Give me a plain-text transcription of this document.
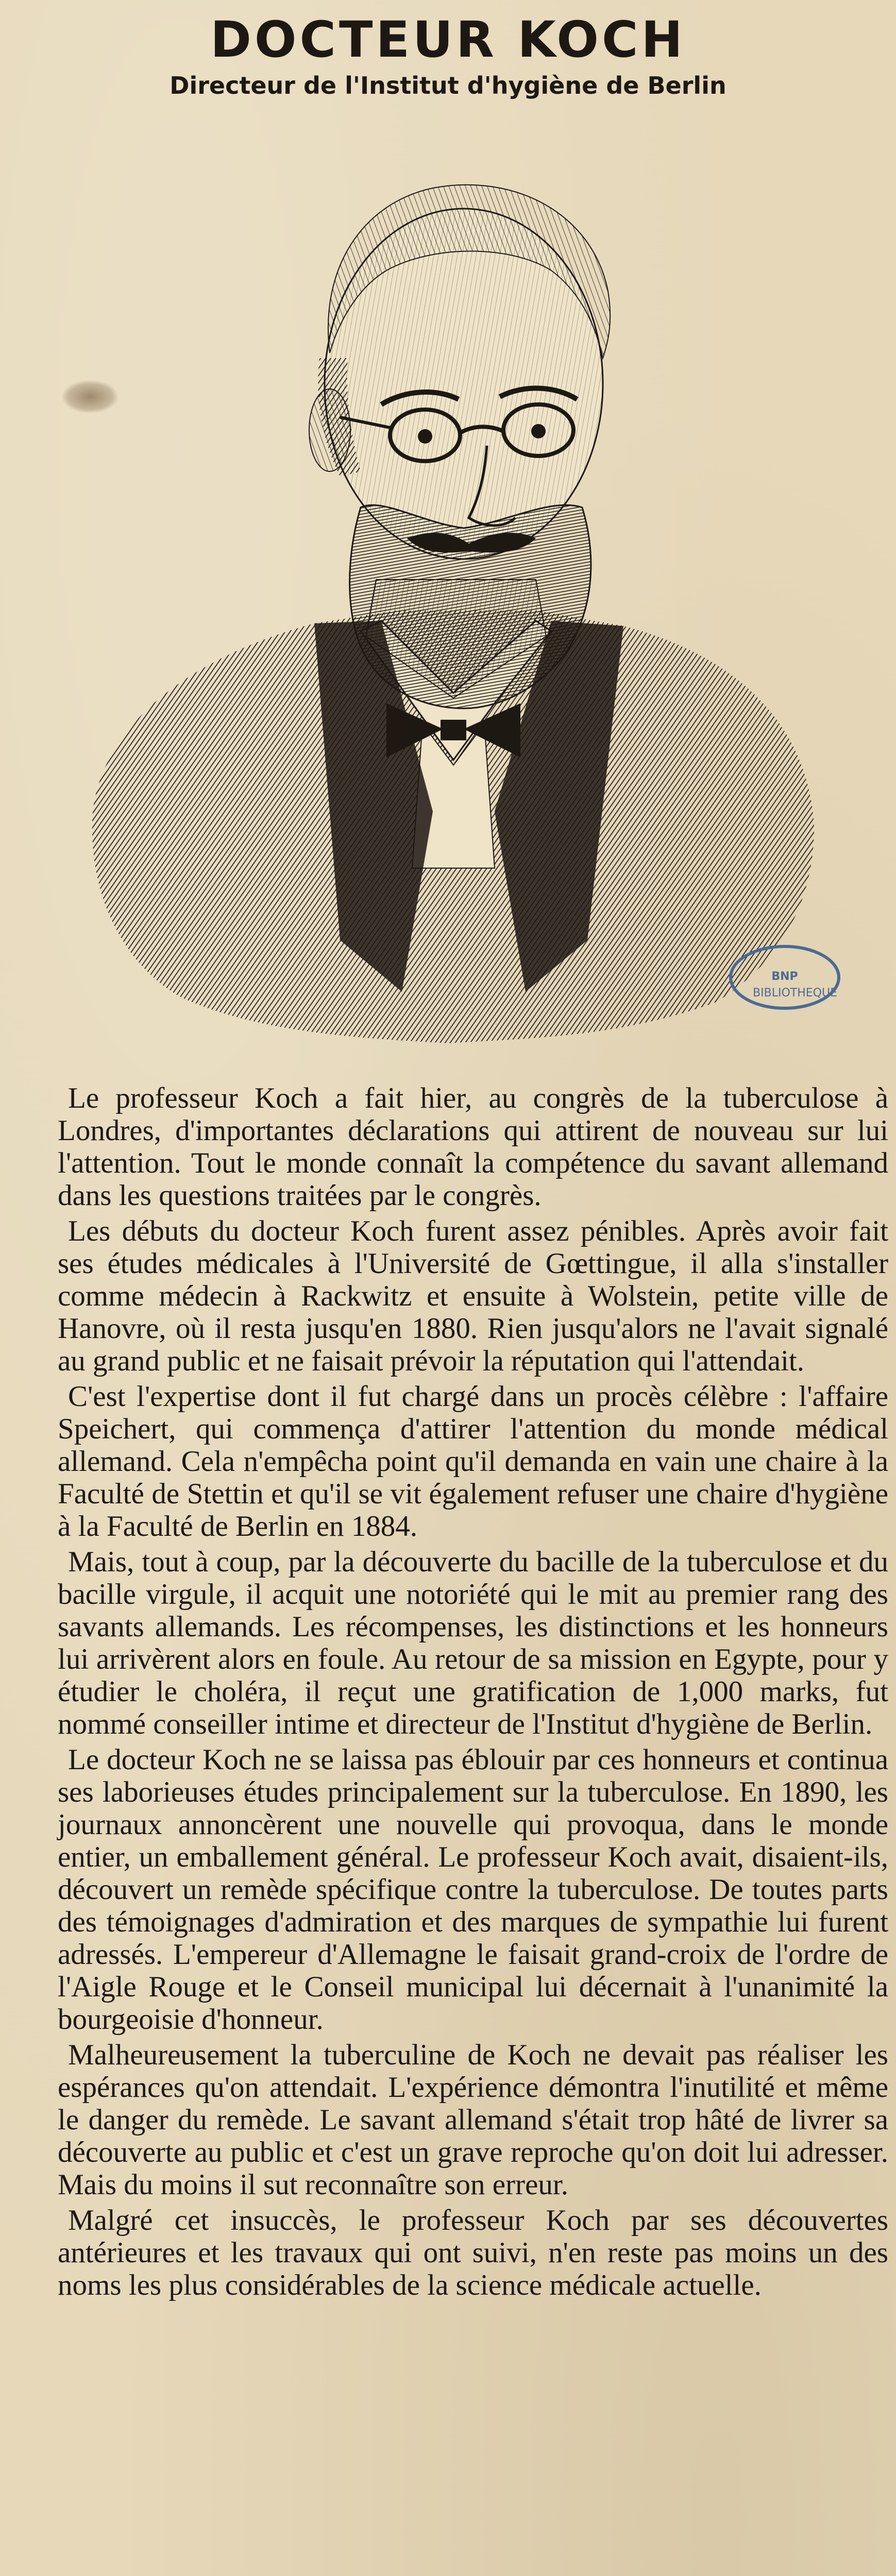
DOCTEUR KOCH
Directeur de l'Institut d'hygiène de Berlin
BNP
BIBLIOTHEQUE

Le professeur Koch a fait hier, au congrès de la tuberculose à Londres, d'importantes déclarations qui attirent de nouveau sur lui l'attention. Tout le monde connaît la compétence du savant allemand dans les questions traitées par le congrès.

Les débuts du docteur Koch furent assez pénibles. Après avoir fait ses études médicales à l'Université de Gœttingue, il alla s'installer comme médecin à Rackwitz et ensuite à Wolstein, petite ville de Hanovre, où il resta jusqu'en 1880. Rien jusqu'alors ne l'avait signalé au grand public et ne faisait prévoir la réputation qui l'attendait.

C'est l'expertise dont il fut chargé dans un procès célèbre : l'affaire Speichert, qui commença d'attirer l'attention du monde médical allemand. Cela n'empêcha point qu'il demanda en vain une chaire à la Faculté de Stettin et qu'il se vit également refuser une chaire d'hygiène à la Faculté de Berlin en 1884.

Mais, tout à coup, par la découverte du bacille de la tuberculose et du bacille virgule, il acquit une notoriété qui le mit au premier rang des savants allemands. Les récompenses, les distinctions et les honneurs lui arrivèrent alors en foule. Au retour de sa mission en Egypte, pour y étudier le choléra, il reçut une gratification de 1,000 marks, fut nommé conseiller intime et directeur de l'Institut d'hygiène de Berlin.

Le docteur Koch ne se laissa pas éblouir par ces honneurs et continua ses laborieuses études principalement sur la tuberculose. En 1890, les journaux annoncèrent une nouvelle qui provoqua, dans le monde entier, un emballement général. Le professeur Koch avait, disaient-ils, découvert un remède spécifique contre la tuberculose. De toutes parts des témoignages d'admiration et des marques de sympathie lui furent adressés. L'empereur d'Allemagne le faisait grand-croix de l'ordre de l'Aigle Rouge et le Conseil municipal lui décernait à l'unanimité la bourgeoisie d'honneur.

Malheureusement la tuberculine de Koch ne devait pas réaliser les espérances qu'on attendait. L'expérience démontra l'inutilité et même le danger du remède. Le savant allemand s'était trop hâté de livrer sa découverte au public et c'est un grave reproche qu'on doit lui adresser. Mais du moins il sut reconnaître son erreur.

Malgré cet insuccès, le professeur Koch par ses découvertes antérieures et les travaux qui ont suivi, n'en reste pas moins un des noms les plus considérables de la science médicale actuelle.
